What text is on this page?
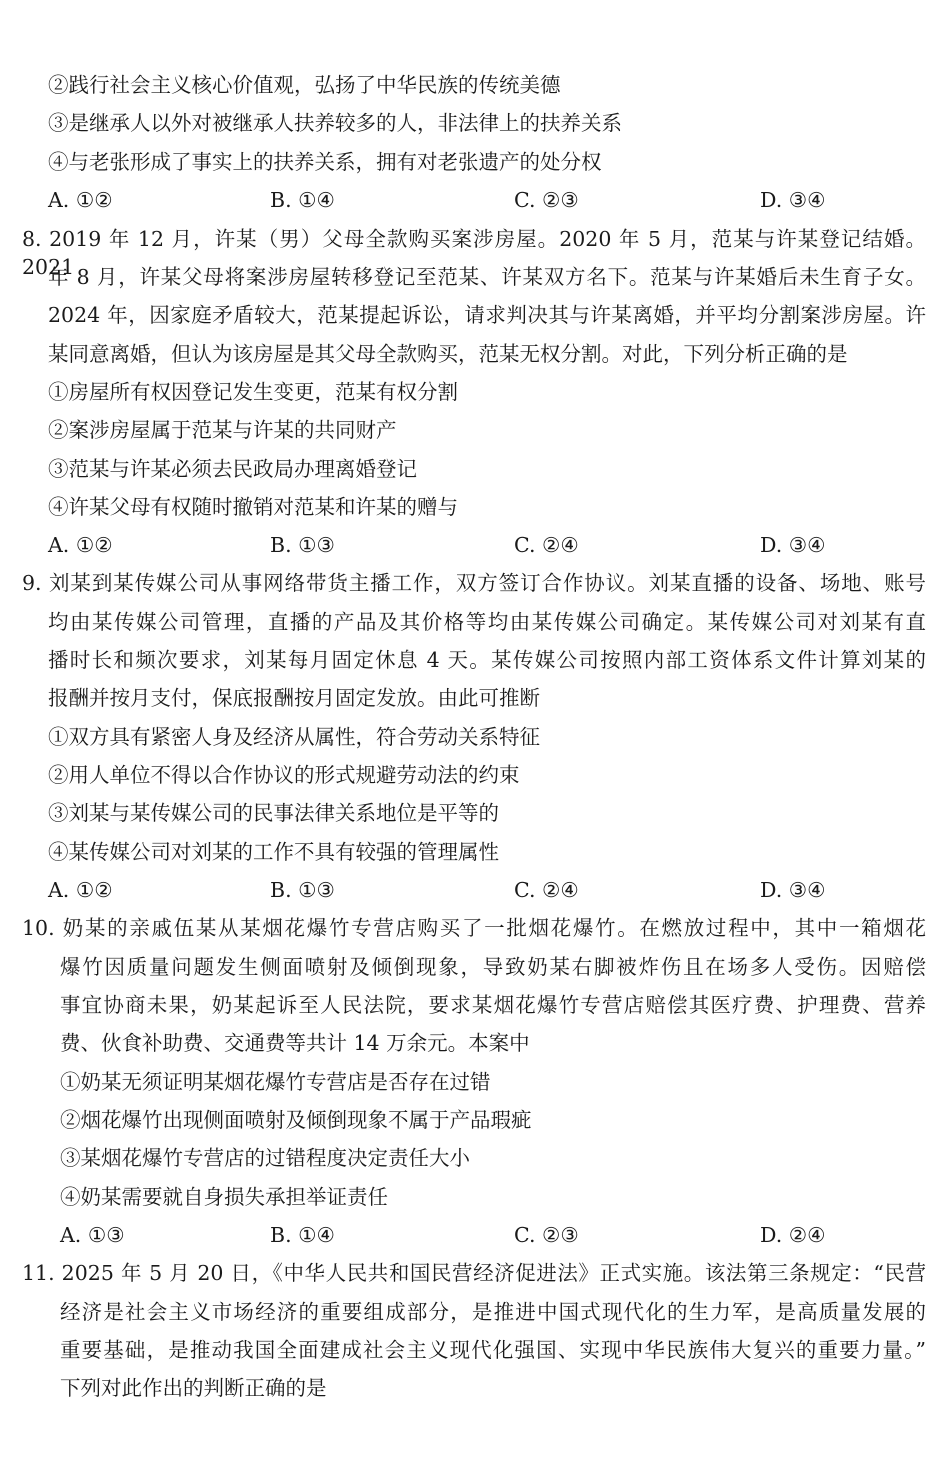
②践行社会主义核心价值观，弘扬了中华民族的传统美德
③是继承人以外对被继承人扶养较多的人，非法律上的扶养关系
④与老张形成了事实上的扶养关系，拥有对老张遗产的处分权
A. ①②	B. ①④	C. ②③	D. ③④
8. 2019 年 12 月，许某（男）父母全款购买案涉房屋。2020 年 5 月，范某与许某登记结婚。2021
年 8 月，许某父母将案涉房屋转移登记至范某、许某双方名下。范某与许某婚后未生育子女。
2024 年，因家庭矛盾较大，范某提起诉讼，请求判决其与许某离婚，并平均分割案涉房屋。许
某同意离婚，但认为该房屋是其父母全款购买，范某无权分割。对此，下列分析正确的是
①房屋所有权因登记发生变更，范某有权分割
②案涉房屋属于范某与许某的共同财产
③范某与许某必须去民政局办理离婚登记
④许某父母有权随时撤销对范某和许某的赠与
A. ①②	B. ①③	C. ②④	D. ③④
9. 刘某到某传媒公司从事网络带货主播工作，双方签订合作协议。刘某直播的设备、场地、账号
均由某传媒公司管理，直播的产品及其价格等均由某传媒公司确定。某传媒公司对刘某有直
播时长和频次要求，刘某每月固定休息 4 天。某传媒公司按照内部工资体系文件计算刘某的
报酬并按月支付，保底报酬按月固定发放。由此可推断
①双方具有紧密人身及经济从属性，符合劳动关系特征
②用人单位不得以合作协议的形式规避劳动法的约束
③刘某与某传媒公司的民事法律关系地位是平等的
④某传媒公司对刘某的工作不具有较强的管理属性
A. ①②	B. ①③	C. ②④	D. ③④
10. 奶某的亲戚伍某从某烟花爆竹专营店购买了一批烟花爆竹。在燃放过程中，其中一箱烟花
爆竹因质量问题发生侧面喷射及倾倒现象，导致奶某右脚被炸伤且在场多人受伤。因赔偿
事宜协商未果，奶某起诉至人民法院，要求某烟花爆竹专营店赔偿其医疗费、护理费、营养
费、伙食补助费、交通费等共计 14 万余元。本案中
①奶某无须证明某烟花爆竹专营店是否存在过错
②烟花爆竹出现侧面喷射及倾倒现象不属于产品瑕疵
③某烟花爆竹专营店的过错程度决定责任大小
④奶某需要就自身损失承担举证责任
A. ①③	B. ①④	C. ②③	D. ②④
11. 2025 年 5 月 20 日，《中华人民共和国民营经济促进法》正式实施。该法第三条规定：“民营
经济是社会主义市场经济的重要组成部分，是推进中国式现代化的生力军，是高质量发展的
重要基础，是推动我国全面建成社会主义现代化强国、实现中华民族伟大复兴的重要力量。”
下列对此作出的判断正确的是
